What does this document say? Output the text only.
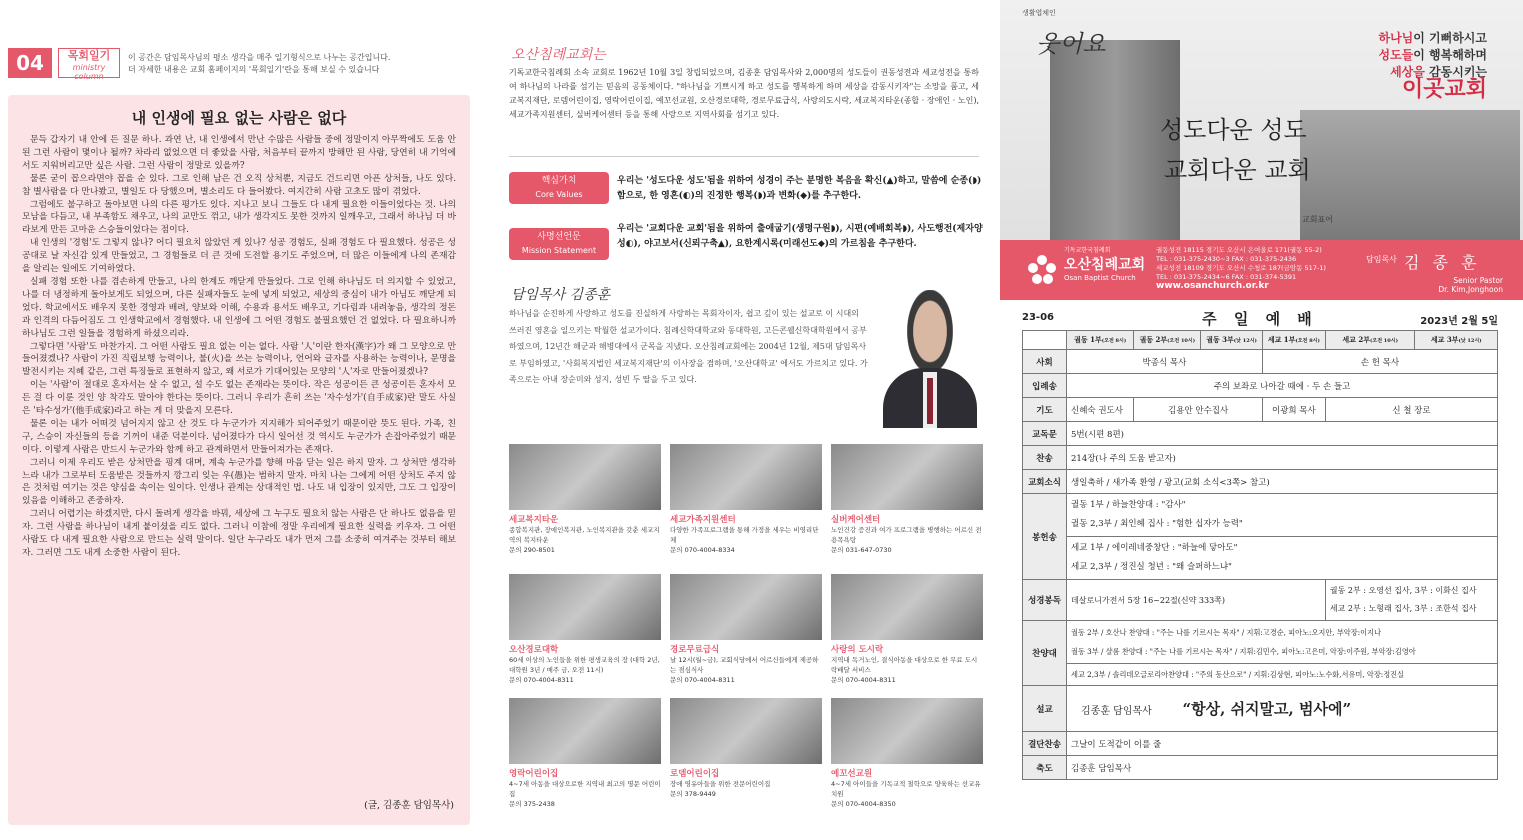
04	목회일기
ministry column
이 공간은 담임목사님의 평소 생각을 매주 일기형식으로 나누는 공간입니다.
더 자세한 내용은 교회 홈페이지의 '목회일기'란을 통해 보실 수 있습니다
내 인생에 필요 없는 사람은 없다

문득 갑자기 내 안에 든 질문 하나. 과연 난, 내 인생에서 만난 수많은 사람들 중에 정말이지 아무짝에도 도움 안된 그런 사람이 몇이나 될까? 차라리 없었으면 더 좋았을 사람, 처음부터 끝까지 방해만 된 사람, 당연히 내 기억에서도 지워버리고만 싶은 사람. 그런 사람이 정말로 있을까?

물론 굳이 꼽으라면야 꼽을 순 있다. 그로 인해 남은 건 오직 상처뿐, 지금도 건드리면 아픈 상처들, 나도 있다. 참 별사람을 다 만나봤고, 별일도 다 당했으며, 별소리도 다 들어봤다. 여지간히 사람 고초도 많이 겪었다.

그럼에도 불구하고 돌아보면 나의 다른 평가도 있다. 지나고 보니 그들도 다 내게 필요한 이들이었다는 것. 나의 모남을 다듬고, 내 부족함도 채우고, 나의 교만도 꺾고, 내가 생각지도 못한 것까지 일깨우고, 그래서 하나님 더 바라보게 만든 고마운 스승들이었다는 점이다.

내 인생의 '경험'도 그렇지 않나? 어디 필요치 않았던 게 있나? 성공 경험도, 실패 경험도 다 필요했다. 성공은 성공대로 날 자신감 있게 만들었고, 그 경험들로 더 큰 것에 도전할 용기도 주었으며, 더 많은 이들에게 나의 존재감을 알리는 일에도 기여하였다.

실패 경험 또한 나를 겸손하게 만들고, 나의 한계도 깨닫게 만들었다. 그로 인해 하나님도 더 의지할 수 있었고, 나를 더 냉정하게 돌아보게도 되었으며, 다른 실패자들도 눈에 넣게 되었고, 세상의 중심이 내가 아님도 깨닫게 되었다. 학교에서도 배우지 못한 경영과 배려, 양보와 이해, 수용과 용서도 배우고, 기다림과 내려놓음, 생각의 정돈과 인격의 다듬어짐도 그 인생학교에서 경험했다. 내 인생에 그 어떤 경험도 불필요했던 건 없었다. 다 필요하니까 하나님도 그런 일들을 경험하게 하셨으리라.

그렇다면 '사람'도 마찬가지. 그 어떤 사람도 필요 없는 이는 없다. 사람 '人'이란 한자(漢字)가 왜 그 모양으로 만들어졌겠나? 사람이 가진 직립보행 능력이나, 불(火)을 쓰는 능력이나, 언어와 글자를 사용하는 능력이나, 문명을 발전시키는 지혜 같은, 그런 특징들로 표현하지 않고, 왜 서로가 기대어있는 모양의 '人'자로 만들어졌겠나?

이는 '사람'이 절대로 혼자서는 살 수 없고, 설 수도 없는 존재라는 뜻이다. 작은 성공이든 큰 성공이든 혼자서 모든 걸 다 이룬 것인 양 착각도 말아야 한다는 뜻이다. 그러니 우리가 흔히 쓰는 '자수성가'(自手成家)란 말도 사실은 '타수성가'(他手成家)라고 하는 게 더 맞을지 모른다.

물론 이는 내가 어떠것 넘어지지 않고 산 것도 다 누군가가 지지해가 되어주었기 때문이란 뜻도 된다. 가족, 친구, 스승이 자신들의 등을 기꺼이 내준 덕분이다. 넘어졌다가 다시 일어선 것 역시도 누군가가 손잡아주었기 때문이다. 이렇게 사람은 반드시 누군가와 함께 하고 관계하면서 만들어져가는 존재다.

그러니 이제 우리도 받은 상처만을 핑계 대며, 계속 누군가를 향해 마음 닫는 일은 하지 말자. 그 상처만 생각하느라 내가 그로부터 도움받은 것들까지 깡그리 잊는 우(愚)는 범하지 말자. 마치 나는 그에게 어떤 상처도 주지 않은 것처럼 여기는 것은 양심을 속이는 일이다. 인생나 관계는 상대적인 법. 나도 내 입장이 있지만, 그도 그 입장이 있음을 이해하고 존중하자.

그러니 어렵기는 하겠지만, 다시 돌려게 생각을 바꿔, 세상에 그 누구도 필요치 않는 사람은 단 하나도 없음을 믿자. 그런 사람을 하나님이 내게 붙이셨을 리도 없다. 그러니 이참에 정말 우리에게 필요한 실력을 키우자. 그 어떤 사람도 다 내게 필요한 사람으로 만드는 실력 말이다. 일단 누구라도 내가 먼저 그를 소중히 여겨주는 것부터 해보자. 그러면 그도 내게 소중한 사람이 된다.

(글, 김종훈 담임목사)
오산침례교회는
기독교한국침례회 소속 교회로 1962년 10월 3일 창립되었으며, 김종훈 담임목사와 2,000명의 성도들이 권동성전과 세교성전을 통하여 하나님의 나라를 섬기는 믿음의 공동체이다. "하나님을 기쁘시게 하고 성도를 행복하게 하며 세상을 감동시키자"는 소망을 품고, 세교복지재단, 로뎀어린이집, 영락어린이집, 예꼬선교원, 오산경로대학, 경로무료급식, 사랑의도시락, 세교복지타운(종합 · 장애인 · 노인), 세교가족지원센터, 실버케어센터 등을 통해 사랑으로 지역사회를 섬기고 있다.
핵심가치
Core Values
우리는 '성도다운 성도'됨을 위하여 성경이 주는 분명한 복음을 확신(▲)하고, 말씀에 순종(◗)함으로, 한 영혼(◐)의 진정한 행복(◗)과 변화(◆)를 추구한다.
사명선언문
Mission Statement
우리는 '교회다운 교회'됨을 위하여 출애굽기(생명구원◗), 시편(예배회복◗), 사도행전(제자양성◐), 야고보서(신뢰구축▲), 요한계시록(미래선도◆)의 가르침을 추구한다.
담임목사 김종훈
하나님을 순진하게 사랑하고 성도를 진실하게 사랑하는 목회자이자, 쉽고 깊이 있는 설교로 이 시대의 쓰러진 영혼을 일으키는 탁월한 설교가이다. 침례신학대학교와 동대학원, 고든콘웰신학대학원에서 공부하였으며, 12년간 해군과 해병대에서 군목을 지냈다. 오산침례교회에는 2004년 12월, 제5대 담임목사로 부임하였고, '사회복지법인 세교복지재단'의 이사장을 겸하며, '오산대학교' 에서도 가르치고 있다. 가족으로는 아내 장순미와 성지, 성빈 두 딸을 두고 있다.
세교복지타운
종합복지관, 장애인복지관, 노인복지관을 갖춘 세교지역의 복지타운
문의 290-8501
세교가족지원센터
다양한 가족프로그램을 통해 가정을 세우는 비영리단체
문의 070-4004-8334
실버케어센터
노인건강 증진과 여가 프로그램을 병행하는 어르신 전용목욕탕
문의 031-647-0730
오산경로대학
60세 이상의 노인들을 위한 평생교육의 장 (대학 2년, 대학원 3년 / 매주 금, 오전 11시)
문의 070-4004-8311
경로무료급식
날 12시(월~금), 교회식당에서 어르신들에게 제공하는 점심식사
문의 070-4004-8311
사랑의 도시락
지역내 독거노인, 결식아동을 대상으로 한 무료 도시락배달 서비스
문의 070-4004-8311
영락어린이집
4~7세 아동을 대상으로한 지역내 최고의 명문 어린이집
문의 375-2438
로뎀어린이집
장애 영유아들을 위한 전문어린이집
문의 378-9449
예꼬선교원
4~7세 아이들을 기독교적 철학으로 양육하는 선교유치원
문의 070-4004-8350
생활엽체인
웃어요	하나님이 기뻐하시고
성도들이 행복해하며
세상을 감동시키는
이곳교회
성도다운 성도
교회다운 교회
교회표어
기독교한국침례회
오산침례교회
Osan Baptist Church
궐동성전 18115 경기도 오산시 은여울로 171(궐동 55-2)
TEL : 031-375-2430~3 FAX : 031-375-2436
세교성전 18109 경기도 오산시 수청로 187(금암동 517-1)
TEL : 031-375-2434~6 FAX : 031-374-5391
www.osanchurch.or.kr
담임목사 김 종 훈
Senior Pastor
Dr. Kim,Jonghoon
23-06	주 일 예 배	2023년 2월 5일
	궐동 1부(오전 8시)	궐동 2부(오전 10시)	궐동 3부(낮 12시)	세교 1부(오전 8시)	세교 2부(오전 10시)	세교 3부(낮 12시)
사회	박종식 목사			손 헌 목사		
입례송	주의 보좌로 나아갈 때에 · 두 손 들고					
기도	신혜숙 권도사	김용안 안수집사		이광희 목사	신 철 장로	
교독문	5번(시편 8편)					
찬송	214장(나 주의 도움 받고자)					
교회소식	생일축하 / 새가족 환영 / 광고(교회 소식<3쪽> 참고)					
봉헌송	궐동 1부 / 하늘찬양대 : "감사"
궐동 2,3부 / 최인혜 집사 : "험한 십자가 능력"					

	세교 1부 / 에이레네중창단 : "하늘에 닿아도"
세교 2,3부 / 정진실 청년 : "왜 슬퍼하느냐"					

성경봉독	데살로니가전서 5장 16~22절(신약 333쪽)				궐동 2부 : 오영선 집사, 3부 : 이화신 집사
세교 2부 : 노형래 집사, 3부 : 조한석 집사	

찬양대	궐동 2부 / 호산나 찬양대 : "주는 나를 기르시는 목자" / 지휘:고경순, 피아노:오지안, 부악장:이지나
궐동 3부 / 샬롬 찬양대 : "주는 나를 기르시는 목자" / 지휘:김민수, 피아노:고은미, 악장:이주원, 부악장:김영아					

	세교 2,3부 / 솔리데오글로리아찬양대 : "주의 동산으로" / 지휘:김상현, 피아노:노수화,서유미, 악장:정진실					
설교	김종훈 담임목사 “항상, 쉬지말고, 범사에”					
결단찬송	그날이 도적같이 이를 줄					
축도	김종훈 담임목사					
